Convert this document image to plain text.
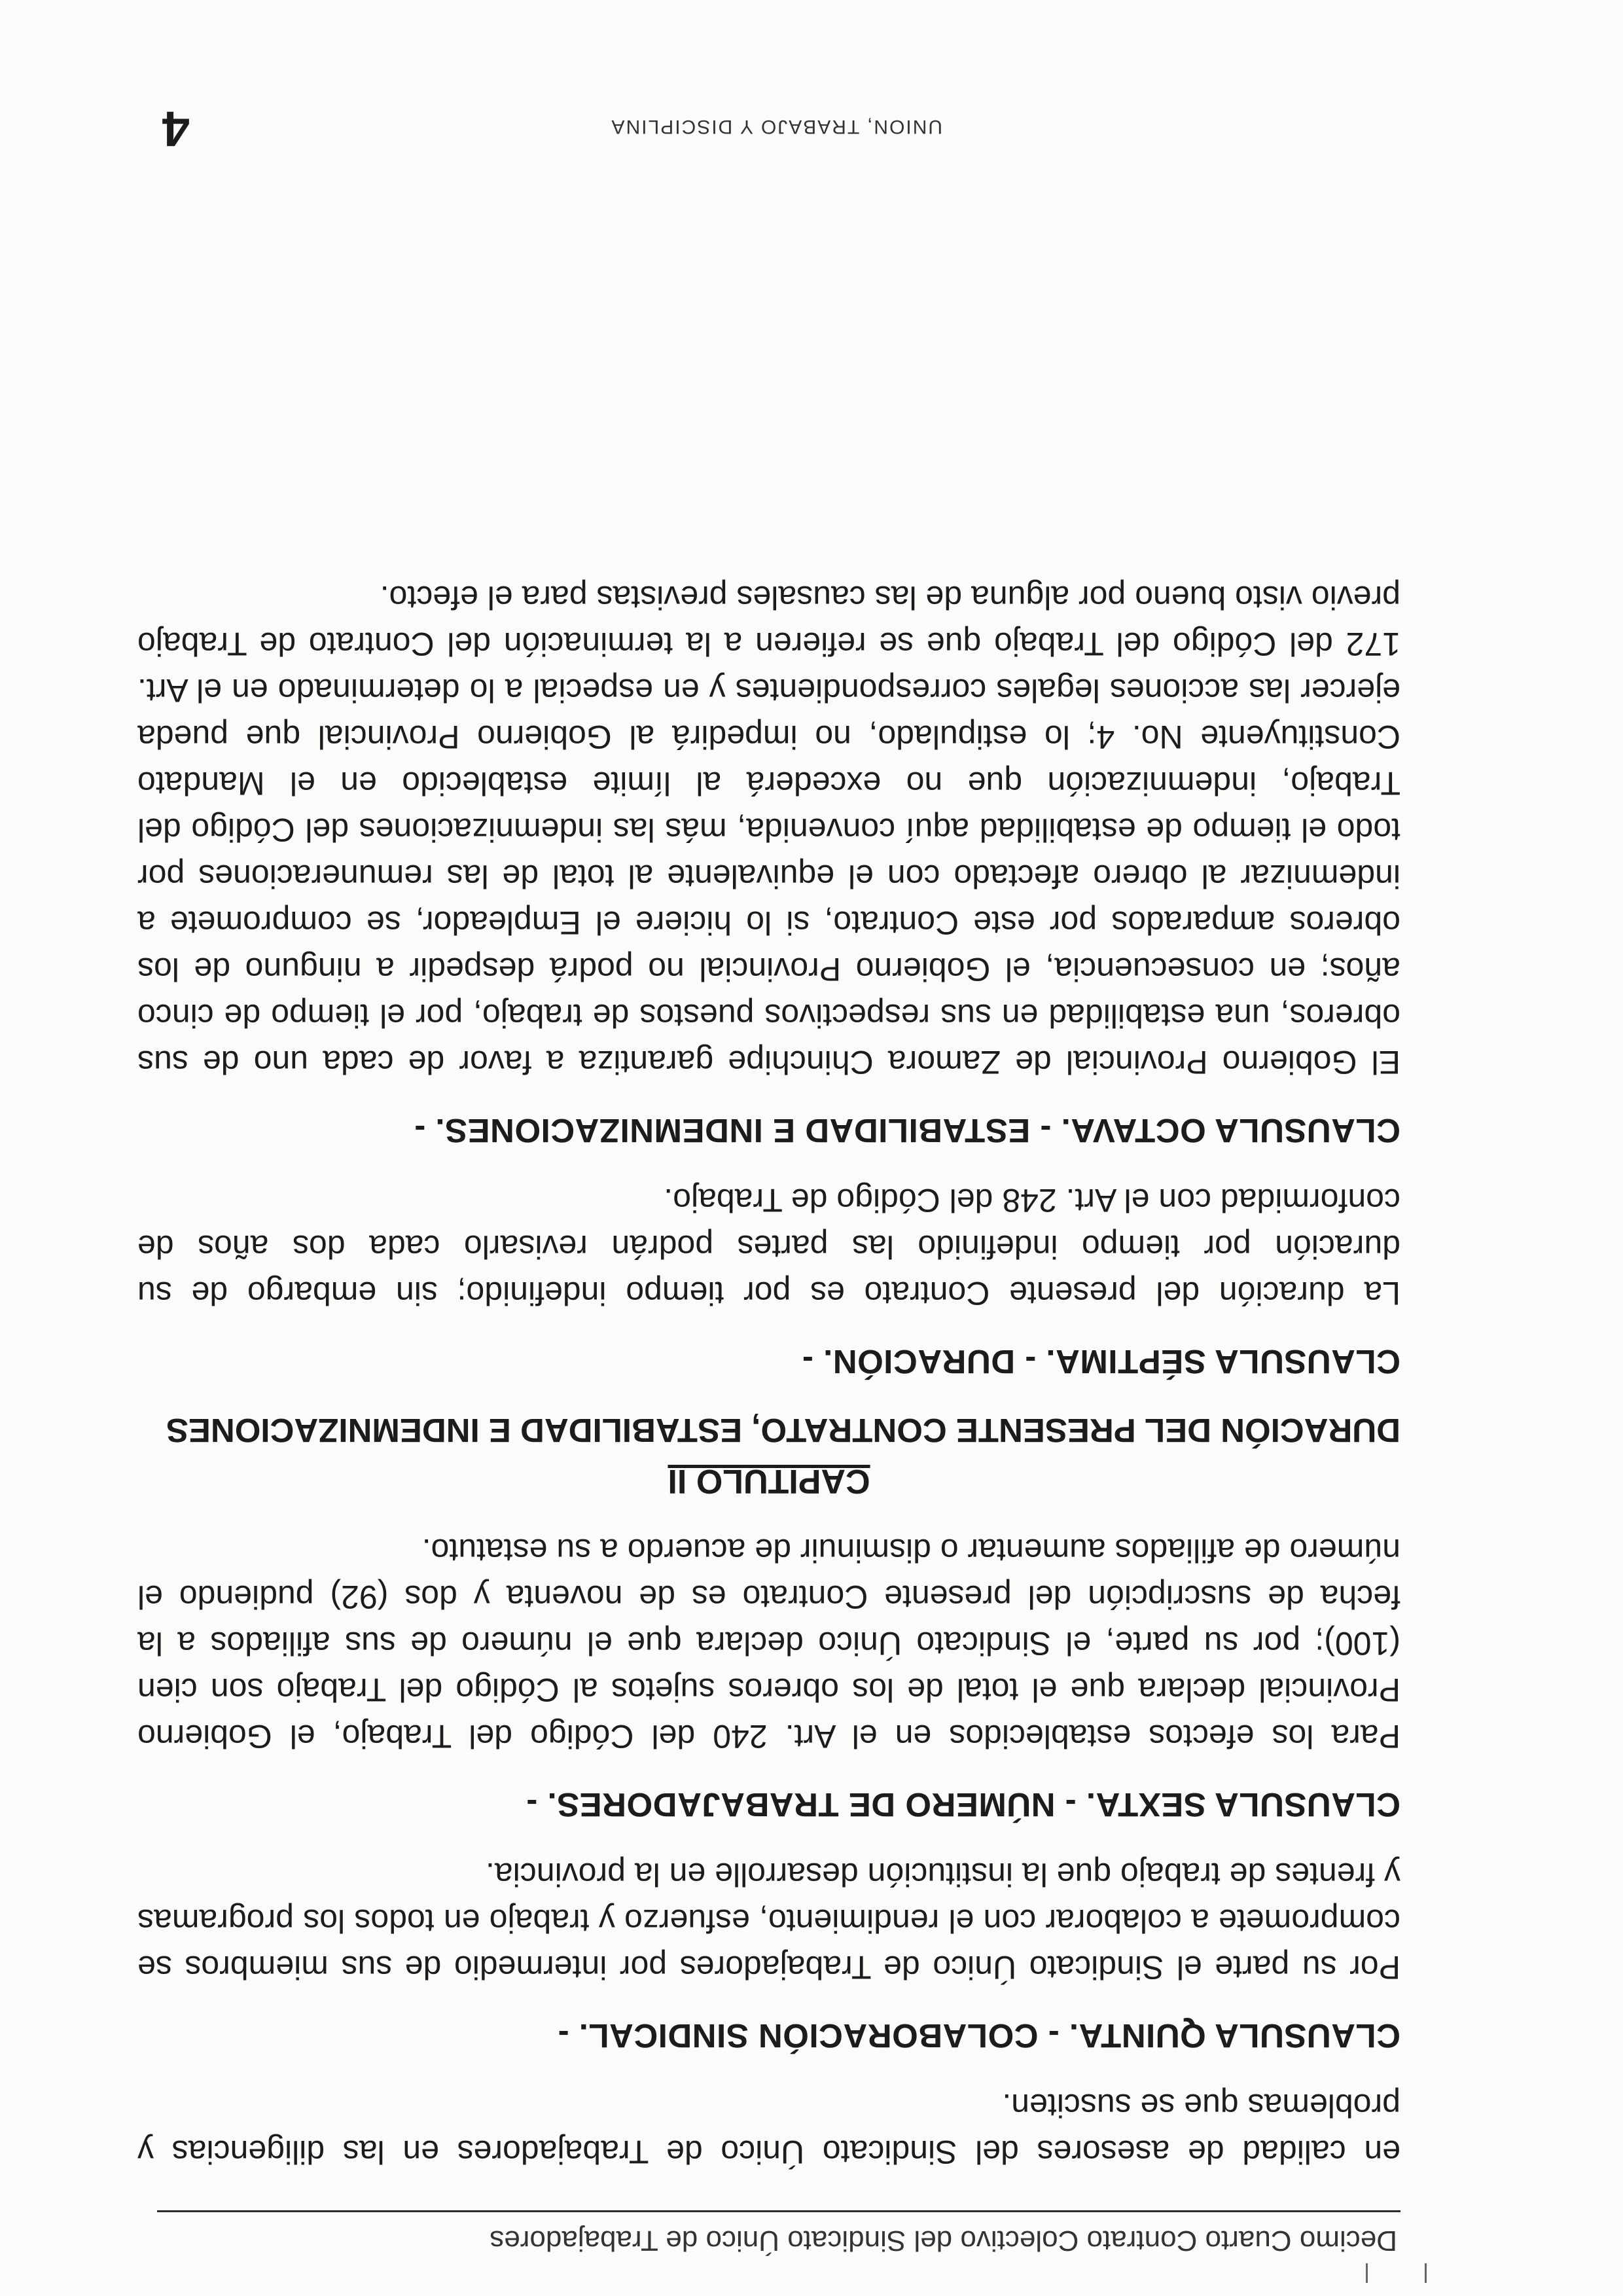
Decimo Cuarto Contrato Colectivo del Sindicato Único de Trabajadores

en calidad de asesores del Sindicato Único de Trabajadores en las diligencias y problemas que se susciten.

CLAUSULA QUINTA. - COLABORACIÓN SINDICAL. -

Por su parte el Sindicato Único de Trabajadores por intermedio de sus miembros se compromete a colaborar con el rendimiento, esfuerzo y trabajo en todos los programas y frentes de trabajo que la institución desarrolle en la provincia.

CLAUSULA SEXTA. - NÚMERO DE TRABAJADORES. -

Para los efectos establecidos en el Art. 240 del Código del Trabajo, el Gobierno Provincial declara que el total de los obreros sujetos al Código del Trabajo son cien (100); por su parte, el Sindicato Único declara que el número de sus afiliados a la fecha de suscripción del presente Contrato es de noventa y dos (92) pudiendo el número de afiliados aumentar o disminuir de acuerdo a su estatuto.

CAPITULO II
DURACIÓN DEL PRESENTE CONTRATO, ESTABILIDAD E INDEMNIZACIONES
CLAUSULA SÉPTIMA. - DURACIÓN. -

La duración del presente Contrato es por tiempo indefinido; sin embargo de su duración por tiempo indefinido las partes podrán revisarlo cada dos años de conformidad con el Art. 248 del Código de Trabajo.

CLAUSULA OCTAVA. - ESTABILIDAD E INDEMNIZACIONES. -

El Gobierno Provincial de Zamora Chinchipe garantiza a favor de cada uno de sus obreros, una estabilidad en sus respectivos puestos de trabajo, por el tiempo de cinco años; en consecuencia, el Gobierno Provincial no podrá despedir a ninguno de los obreros amparados por este Contrato, si lo hiciere el Empleador, se compromete a indemnizar al obrero afectado con el equivalente al total de las remuneraciones por todo el tiempo de estabilidad aquí convenida, más las indemnizaciones del Código del Trabajo, indemnización que no excederá al límite establecido en el Mandato Constituyente No. 4; lo estipulado, no impedirá al Gobierno Provincial que pueda ejercer las acciones legales correspondientes y en especial a lo determinado en el Art. 172 del Código del Trabajo que se refieren a la terminación del Contrato de Trabajo previo visto bueno por alguna de las causales previstas para el efecto.

UNION, TRABAJO Y DISCIPLINA
4
